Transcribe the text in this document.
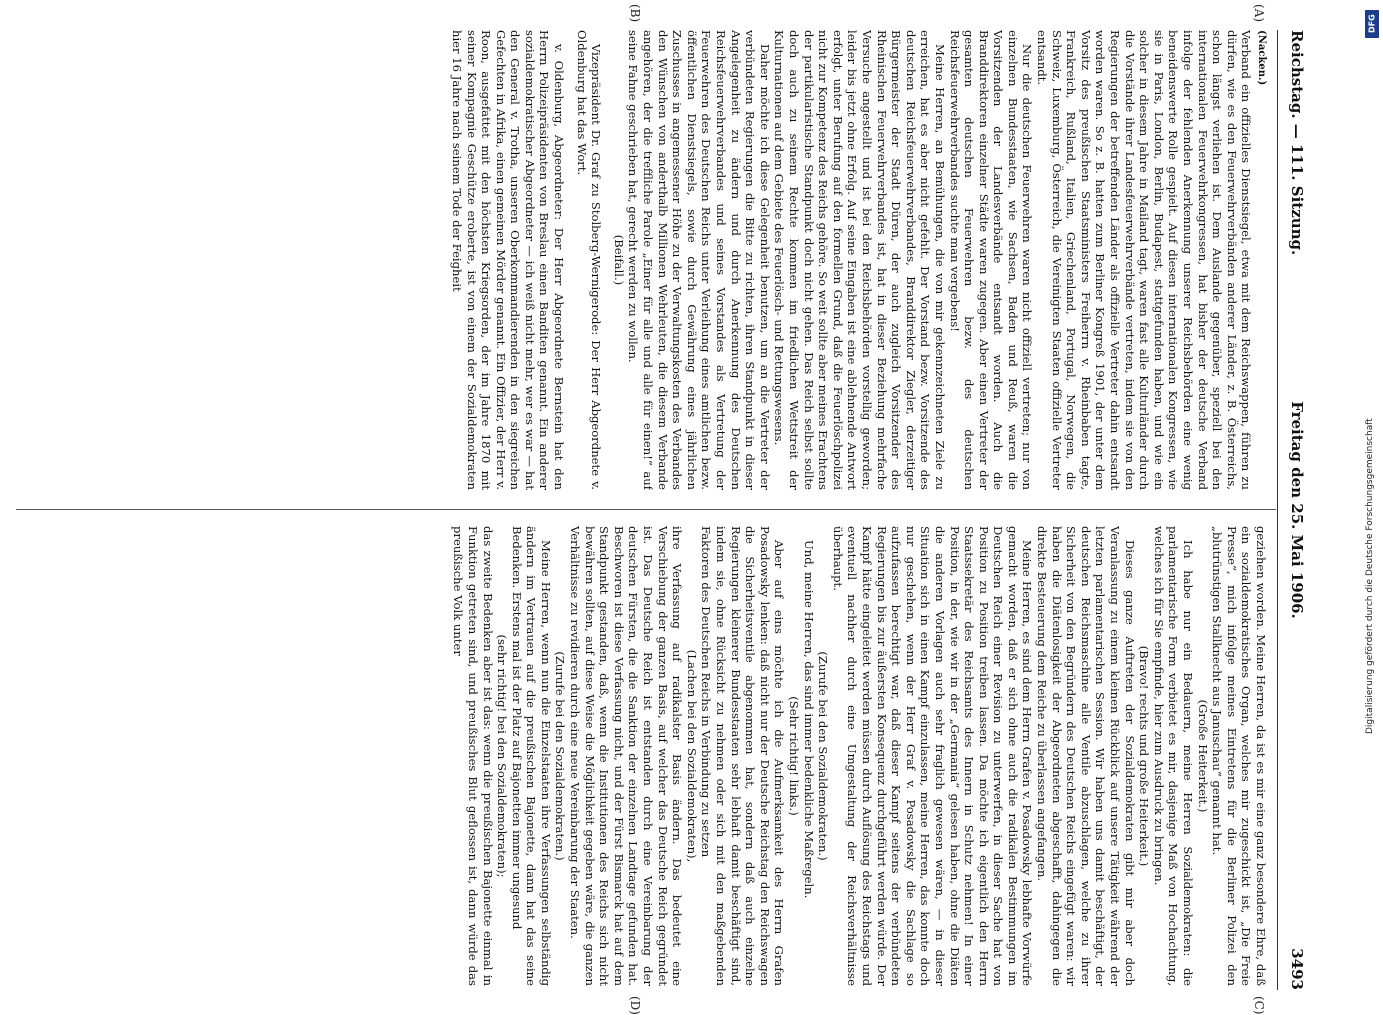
Reichstag. — 111. Sitzung.
Freitag den 25. Mai 1906.
3493
(A)
(B)
(C)
(D)

(Nacken.)

Verband ein offizielles Dienstsiegel, etwa mit dem Reichswappen, führen zu dürfen, wie es den Feuerwehrverbänden anderer Länder, z. B. Österreichs, schon längst verliehen ist. Dem Auslande gegenüber, speziell bei den internationalen Feuerwehrkongressen, hat bisher der deutsche Verband infolge der fehlenden Anerkennung unserer Reichsbehörden eine wenig beneidenswerte Rolle gespielt. Auf diesen internationalen Kongressen, wie sie in Paris, London, Berlin, Budapest, stattgefunden haben, und wie ein solcher in diesem Jahre in Mailand tagt, waren fast alle Kulturländer durch die Vorstände ihrer Landesfeuerwehrverbände vertreten, indem sie von den Regierungen der betreffenden Länder als offizielle Vertreter dahin entsandt worden waren. So z. B. hatten zum Berliner Kongreß 1901, der unter dem Vorsitz des preußischen Staatsministers Freiherrn v. Rheinbaben tagte, Frankreich, Rußland, Italien, Griechenland, Portugal, Norwegen, die Schweiz, Luxemburg, Österreich, die Vereinigten Staaten offizielle Vertreter entsandt.

Nur die deutschen Feuerwehren waren nicht offiziell vertreten; nur von einzelnen Bundesstaaten, wie Sachsen, Baden und Reuß, waren die Vorsitzenden der Landesverbände entsandt worden. Auch die Branddirektoren einzelner Städte waren zugegen. Aber einen Vertreter der gesamten deutschen Feuerwehren bezw. des deutschen Reichsfeuerwehrverbandes suchte man vergebens!

Meine Herren, an Bemühungen, die von mir gekennzeichneten Ziele zu erreichen, hat es aber nicht gefehlt. Der Vorstand bezw. Vorsitzende des deutschen Reichsfeuerwehrverbandes, Branddirektor Ziegler, derzeitiger Bürgermeister der Stadt Düren, der auch zugleich Vorsitzender des Rheinischen Feuerwehrverbandes ist, hat in dieser Beziehung mehrfache Versuche angestellt und ist bei den Reichsbehörden vorstellig geworden; leider bis jetzt ohne Erfolg. Auf seine Eingaben ist eine ablehnende Antwort erfolgt, unter Berufung auf den formellen Grund, daß die Feuerlöschpolizei nicht zur Kompetenz des Reichs gehöre. So weit sollte aber meines Erachtens der partikularistische Standpunkt doch nicht gehen. Das Reich selbst sollte doch auch zu seinem Rechte kommen im friedlichen Wettstreit der Kulturnationen auf dem Gebiete des Feuerlösch- und Rettungswesens.

Daher möchte ich diese Gelegenheit benutzen, um an die Vertreter der verbündeten Regierungen die Bitte zu richten, ihren Standpunkt in dieser Angelegenheit zu ändern und durch Anerkennung des Deutschen Reichsfeuerwehrverbandes und seines Vorstandes als Vertretung der Feuerwehren des Deutschen Reichs unter Verleihung eines amtlichen bezw. öffentlichen Dienstsiegels, sowie durch Gewährung eines jährlichen Zuschusses in angemessener Höhe zu der Verwaltungskosten des Verbandes den Wünschen von anderthalb Millionen Wehrleuten, die diesem Verbande angehören, der die treffliche Parole „Einer für alle und alle für einen!“ auf seine Fahne geschrieben hat, gerecht werden zu wollen.

(Beifall.)

Vizepräsident Dr. Graf zu Stolberg-Wernigerode: Der Herr Abgeordnete v. Oldenburg hat das Wort.

v. Oldenburg, Abgeordneter: Der Herr Abgeordnete Bernstein hat den Herrn Polizeipräsidenten von Breslau einen Banditen genannt. Ein anderer sozialdemokratischer Abgeordneter — ich weiß nicht mehr, wer es war — hat den General v. Trotha, unseren Oberkommandierenden in den siegreichen Gefechten in Afrika, einen gemeinen Mörder genannt. Ein Offizier, der Herr v. Roon, ausgefattet mit den höchsten Kriegsorden, der im Jahre 1870 mit seiner Kompagnie Geschütze eroberte, ist von einem der Sozialdemokraten hier 16 Jahre nach seinem Tode der Feigheit

geziehen worden. Meine Herren, da ist es mir eine ganz besondere Ehre, daß ein sozialdemokratisches Organ, welches mir zugeschickt ist, „Die Freie Presse“, mich infolge meines Eintretens für die Berliner Polizei den „blutrünstigen Stallknecht aus Januschau“ genannt hat.

(Große Heiterkeit.)

Ich habe nur ein Bedauern, meine Herren Sozialdemokraten: die parlamentarische Form verbietet es mir, dasjenige Maß von Hochachtung, welches ich für Sie empfinde, hier zum Ausdruck zu bringen.

(Bravo! rechts und große Heiterkeit.)

Dieses ganze Auftreten der Sozialdemokraten gibt mir aber doch Veranlassung zu einem kleinen Rückblick auf unsere Tätigkeit während der letzten parlamentarischen Session. Wir haben uns damit beschäftigt, der deutschen Reichsmaschine alle Ventile abzuschlagen, welche zu ihrer Sicherheit von den Begründern des Deutschen Reichs eingefügt waren: wir haben die Diätenlosigkeit der Abgeordneten abgeschafft, dahingegen die direkte Besteuerung dem Reiche zu überlassen angefangen.

Meine Herren, es sind dem Herrn Grafen v. Posadowsky lebhafte Vorwürfe gemacht worden, daß er sich ohne auch die radikalen Bestimmungen im Deutschen Reich einer Revision zu unterwerfen, in dieser Sache hat von Position zu Position treiben lassen. Da möchte ich eigentlich den Herrn Staatssekretär des Reichsamts des Innern in Schutz nehmen! In einer Position, in der, wie wir in der „Germania“ gelesen haben, ohne die Diäten die anderen Vorlagen auch sehr fraglich gewesen wären, — in dieser Situation sich in einen Kampf einzulassen, meine Herren, das konnte doch nur geschehen, wenn der Herr Graf v. Posadowsky die Sachlage so aufzufassen berechtigt war, daß dieser Kampf seitens der verbündeten Regierungen bis zur äußersten Konsequenz durchgeführt werden würde. Der Kampf hätte eingeleitet werden müssen durch Auflösung des Reichstags und eventuell nachher durch eine Umgestaltung der Reichsverhältnisse überhaupt.

(Zurufe bei den Sozialdemokraten.)

Und, meine Herren, das sind immer bedenkliche Maßregeln.

(Sehr richtig! links.)

Aber auf eins möchte ich die Aufmerksamkeit des Herrn Grafen Posadowsky lenken: daß nicht nur der Deutsche Reichstag den Reichswagen die Sicherheitsventile abgenommen hat, sondern daß auch einzelne Regierungen kleinerer Bundesstaaten sehr lebhaft damit beschäftigt sind, indem sie, ohne Rücksicht zu nehmen oder sich mit den maßgebenden Faktoren des Deutschen Reichs in Verbindung zu setzen

(Lachen bei den Sozialdemokraten),

ihre Verfassung auf radikalster Basis ändern. Das bedeutet eine Verschiebung der ganzen Basis, auf welcher das Deutsche Reich gegründet ist. Das Deutsche Reich ist entstanden durch eine Vereinbarung der deutschen Fürsten, die die Sanktion der einzelnen Landtage gefunden hat. Beschworen ist diese Verfassung nicht, und der Fürst Bismarck hat auf dem Standpunkt gestanden, daß, wenn die Institutionen des Reichs sich nicht bewähren sollten, auf diese Weise die Möglichkeit gegeben wäre, die ganzen Verhältnisse zu revidieren durch eine neue Vereinbarung der Staaten.

(Zurufe bei den Sozialdemokraten.)

Meine Herren, wenn nun die Einzelstaaten ihre Verfassungen selbständig ändern im Vertrauen auf die preußischen Bajonette, dann hat das seine Bedenken. Erstens mal ist der Platz auf Bajonetten immer ungesund

(sehr richtig! bei den Sozialdemokraten);

das zweite Bedenken aber ist das: wenn die preußischen Bajonette einmal in Funktion getreten sind, und preußisches Blut geflossen ist, dann würde das preußische Volk unter

DFG
Digitalisierung gefördert durch die Deutsche Forschungsgemeinschaft
